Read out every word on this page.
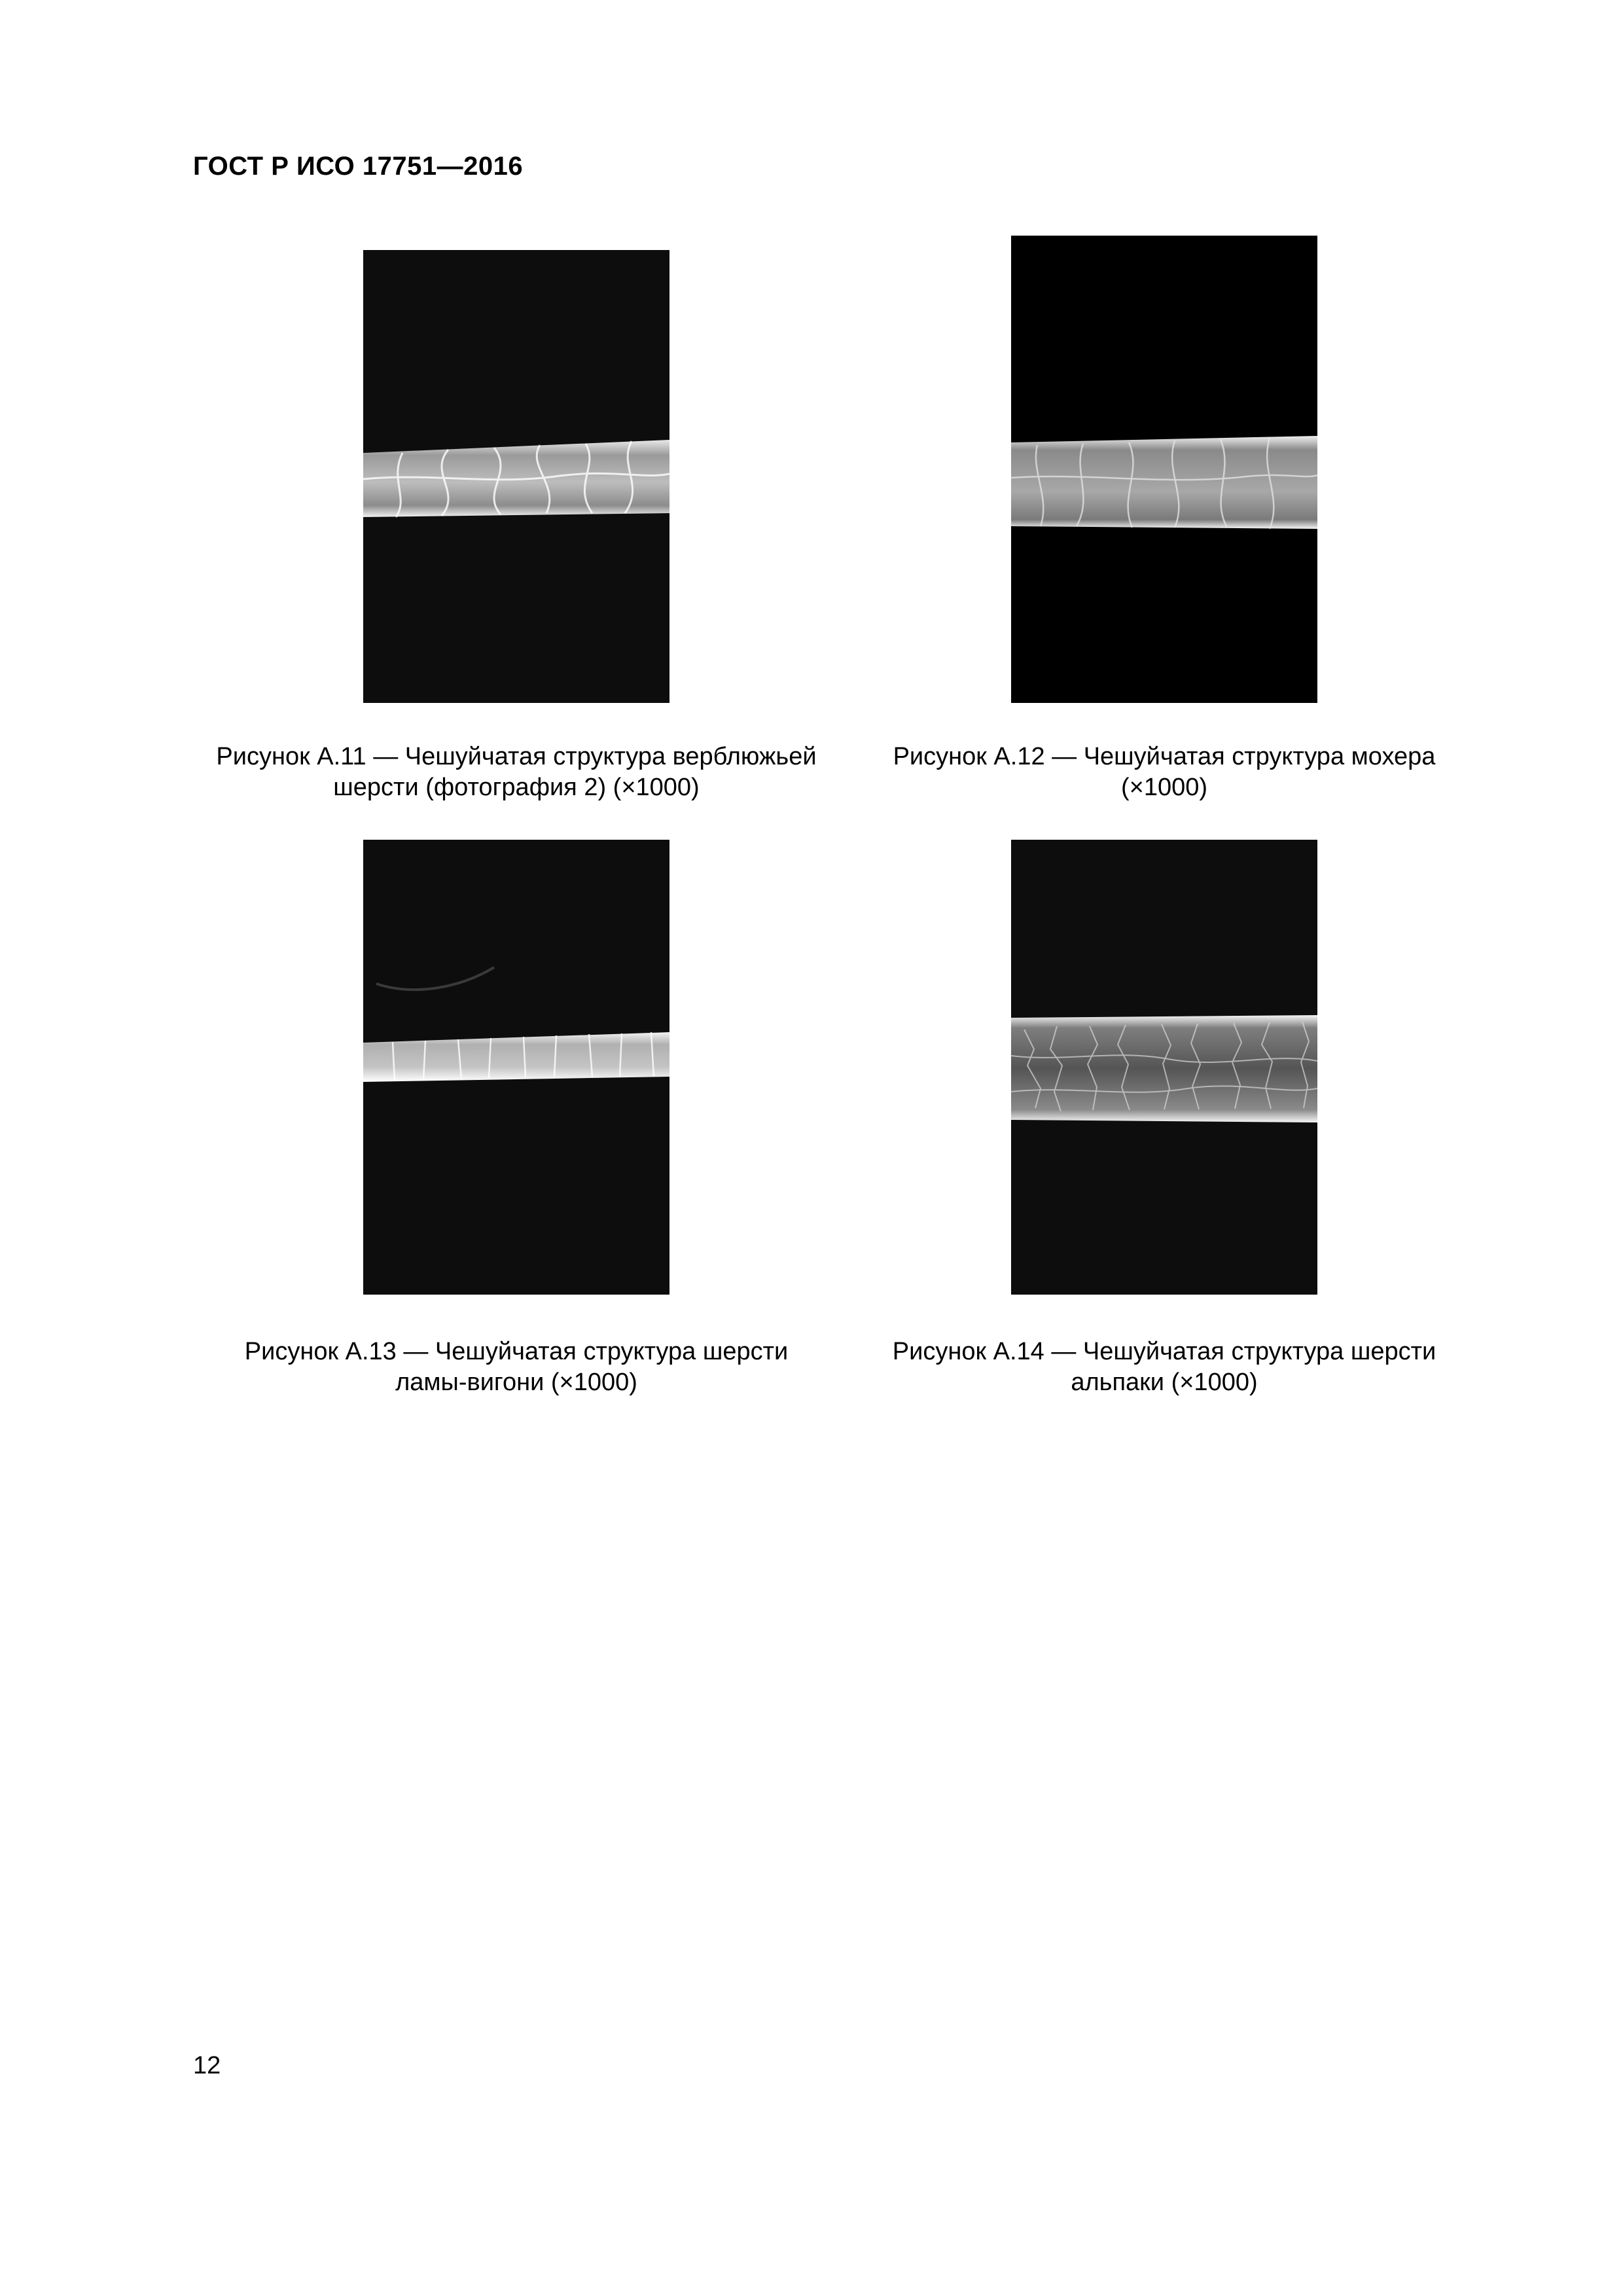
ГОСТ Р ИСО 17751—2016
Рисунок А.11 — Чешуйчатая структура верблюжьей
шерсти (фотография 2) (×1000)
Рисунок А.12 — Чешуйчатая структура мохера
(×1000)
Рисунок А.13 — Чешуйчатая структура шерсти
ламы-вигони (×1000)
Рисунок А.14 — Чешуйчатая структура шерсти
альпаки (×1000)
12
